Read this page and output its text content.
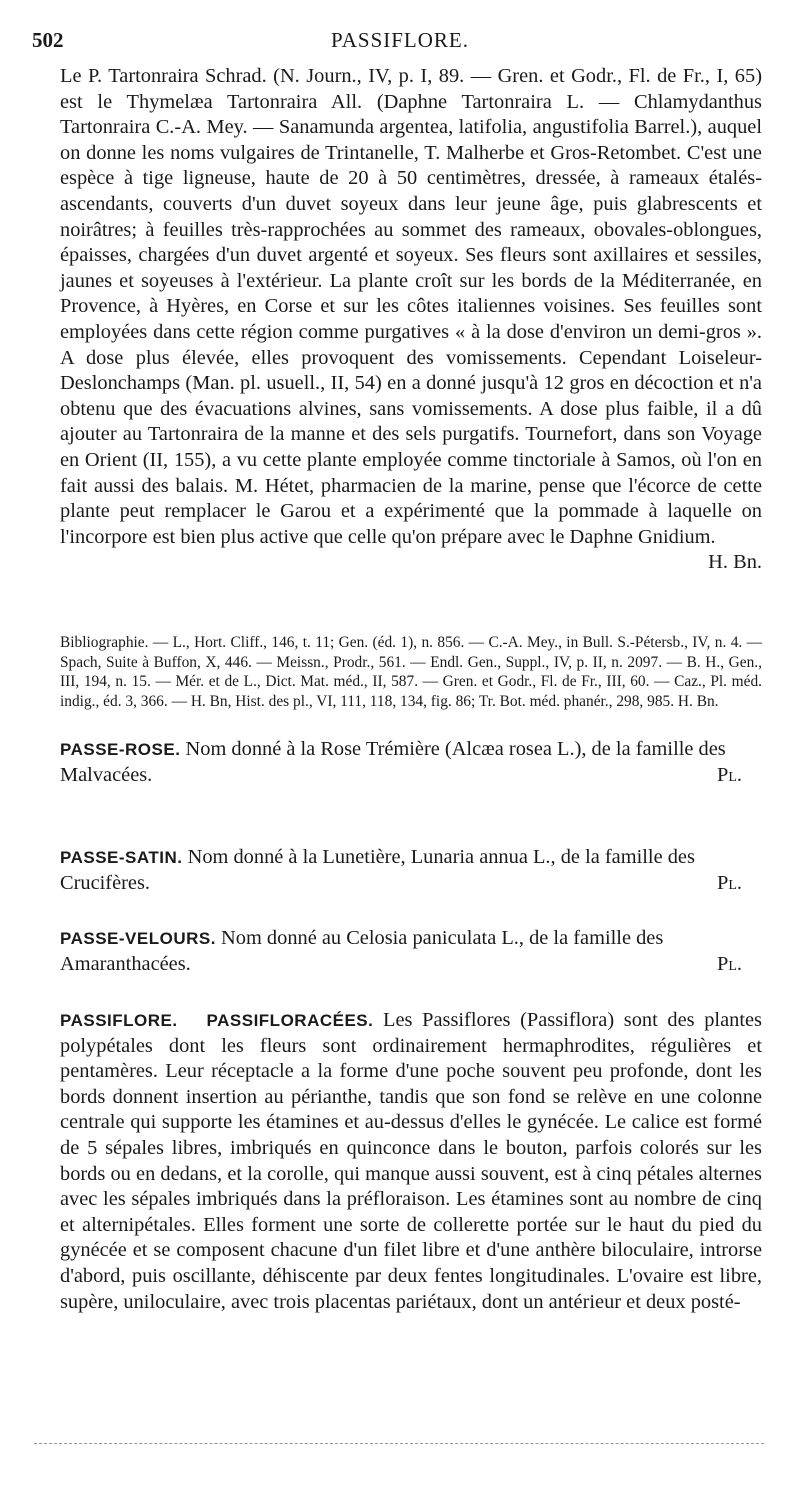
502	PASSIFLORE.

Le P. Tartonraira Schrad. (N. Journ., IV, p. I, 89. — Gren. et Godr., Fl. de Fr., I, 65) est le Thymelæa Tartonraira All. (Daphne Tartonraira L. — Chlamydanthus Tartonraira C.-A. Mey. — Sanamunda argentea, latifolia, angustifolia Barrel.), auquel on donne les noms vulgaires de Trintanelle, T. Malherbe et Gros-Retombet. C'est une espèce à tige ligneuse, haute de 20 à 50 centimètres, dressée, à rameaux étalés-ascendants, couverts d'un duvet soyeux dans leur jeune âge, puis glabrescents et noirâtres; à feuilles très-rapprochées au sommet des rameaux, obovales-oblongues, épaisses, chargées d'un duvet argenté et soyeux. Ses fleurs sont axillaires et sessiles, jaunes et soyeuses à l'extérieur. La plante croît sur les bords de la Méditerranée, en Provence, à Hyères, en Corse et sur les côtes italiennes voisines. Ses feuilles sont employées dans cette région comme purgatives « à la dose d'environ un demi-gros ». A dose plus élevée, elles provoquent des vomissements. Cependant Loiseleur-Deslonchamps (Man. pl. usuell., II, 54) en a donné jusqu'à 12 gros en décoction et n'a obtenu que des évacuations alvines, sans vomissements. A dose plus faible, il a dû ajouter au Tartonraira de la manne et des sels purgatifs. Tournefort, dans son Voyage en Orient (II, 155), a vu cette plante employée comme tinctoriale à Samos, où l'on en fait aussi des balais. M. Hétet, pharmacien de la marine, pense que l'écorce de cette plante peut remplacer le Garou et a expérimenté que la pommade à laquelle on l'incorpore est bien plus active que celle qu'on prépare avec le Daphne Gnidium.
H. Bn.

Bibliographie. — L., Hort. Cliff., 146, t. 11; Gen. (éd. 1), n. 856. — C.-A. Mey., in Bull. S.-Pétersb., IV, n. 4. — Spach, Suite à Buffon, X, 446. — Meissn., Prodr., 561. — Endl. Gen., Suppl., IV, p. II, n. 2097. — B. H., Gen., III, 194, n. 15. — Mér. et de L., Dict. Mat. méd., II, 587. — Gren. et Godr., Fl. de Fr., III, 60. — Caz., Pl. méd. indig., éd. 3, 366. — H. Bn, Hist. des pl., VI, 111, 118, 134, fig. 86; Tr. Bot. méd. phanér., 298, 985. H. Bn.

PASSE-ROSE. Nom donné à la Rose Trémière (Alcæa rosea L.), de la famille des Malvacées.	Pl.

PASSE-SATIN. Nom donné à la Lunetière, Lunaria annua L., de la famille des Crucifères.	Pl.

PASSE-VELOURS. Nom donné au Celosia paniculata L., de la famille des Amaranthacées.	Pl.

PASSIFLORE. PASSIFLORACÉES. Les Passiflores (Passiflora) sont des plantes polypétales dont les fleurs sont ordinairement hermaphrodites, régulières et pentamères. Leur réceptacle a la forme d'une poche souvent peu profonde, dont les bords donnent insertion au périanthe, tandis que son fond se relève en une colonne centrale qui supporte les étamines et au-dessus d'elles le gynécée. Le calice est formé de 5 sépales libres, imbriqués en quinconce dans le bouton, parfois colorés sur les bords ou en dedans, et la corolle, qui manque aussi souvent, est à cinq pétales alternes avec les sépales imbriqués dans la préfloraison. Les étamines sont au nombre de cinq et alternipétales. Elles forment une sorte de collerette portée sur le haut du pied du gynécée et se composent chacune d'un filet libre et d'une anthère biloculaire, introrse d'abord, puis oscillante, déhiscente par deux fentes longitudinales. L'ovaire est libre, supère, uniloculaire, avec trois placentas pariétaux, dont un antérieur et deux posté-
